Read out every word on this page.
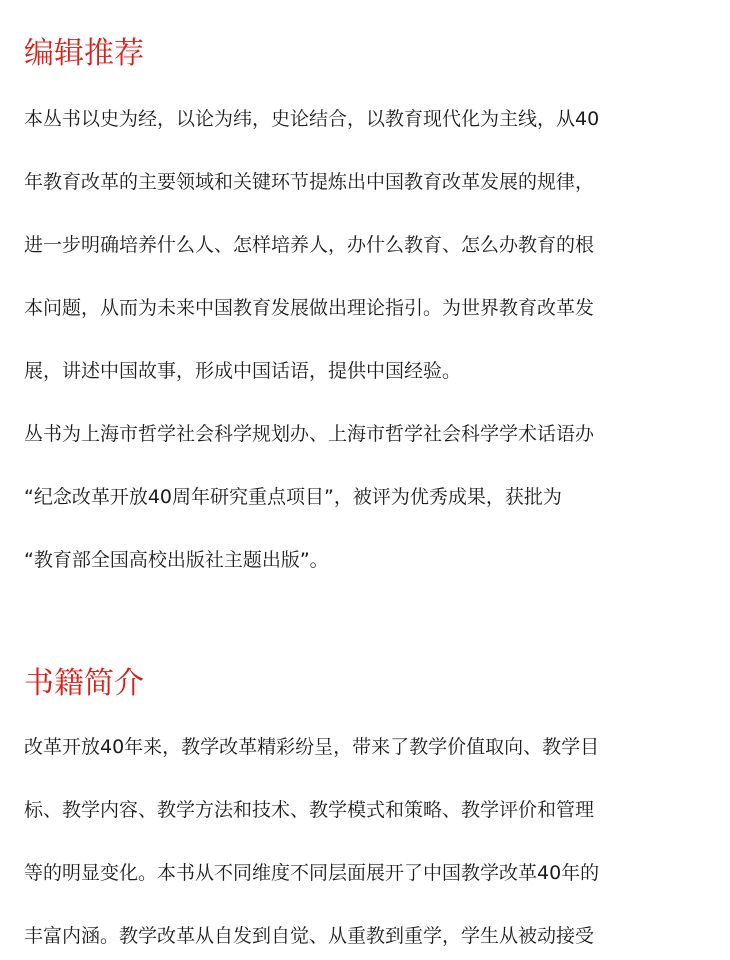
编辑推荐
本丛书以史为经，以论为纬，史论结合，以教育现代化为主线，从40
年教育改革的主要领域和关键环节提炼出中国教育改革发展的规律，
进一步明确培养什么人、怎样培养人，办什么教育、怎么办教育的根
本问题，从而为未来中国教育发展做出理论指引。为世界教育改革发
展，讲述中国故事，形成中国话语，提供中国经验。
丛书为上海市哲学社会科学规划办、上海市哲学社会科学学术话语办
“纪念改革开放40周年研究重点项目”，被评为优秀成果，获批为
“教育部全国高校出版社主题出版”。
书籍简介
改革开放40年来，教学改革精彩纷呈，带来了教学价值取向、教学目
标、教学内容、教学方法和技术、教学模式和策略、教学评价和管理
等的明显变化。本书从不同维度不同层面展开了中国教学改革40年的
丰富内涵。教学改革从自发到自觉、从重教到重学，学生从被动接受
